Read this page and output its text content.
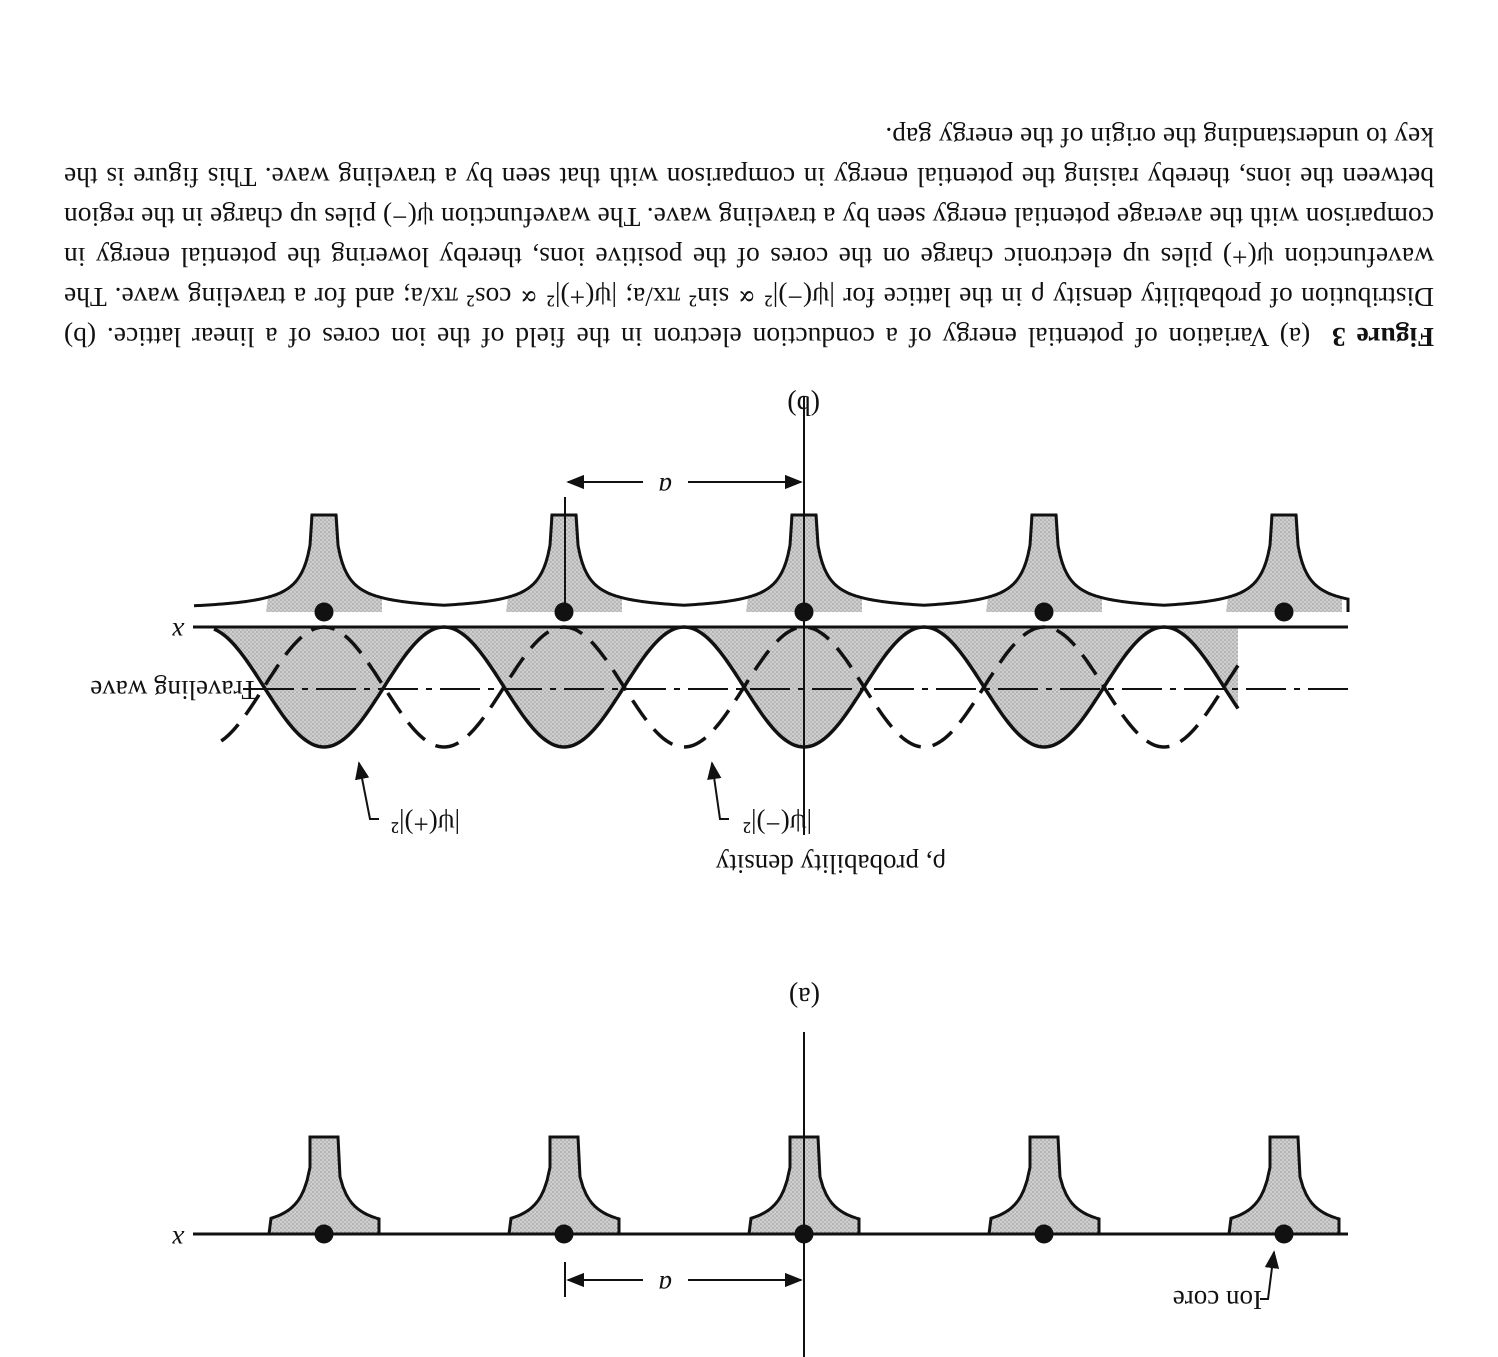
x
a	Ion core
(a)
x
a
ρ, probability density
|ψ(−)|²
|ψ(+)|²
Traveling wave
(b)
Figure 3  (a) Variation of potential energy of a conduction electron in the field of the ion cores of a linear lattice. (b) Distribution of probability density ρ in the lattice for |ψ(−)|² ∝ sin² πx/a; |ψ(+)|² ∝ cos² πx/a; and for a traveling wave. The wavefunction ψ(+) piles up electronic charge on the cores of the positive ions, thereby lowering the potential energy in comparison with the average potential energy seen by a traveling wave. The wavefunction ψ(−) piles up charge in the region between the ions, thereby raising the potential energy in comparison with that seen by a traveling wave. This figure is the key to understanding the origin of the energy gap.
